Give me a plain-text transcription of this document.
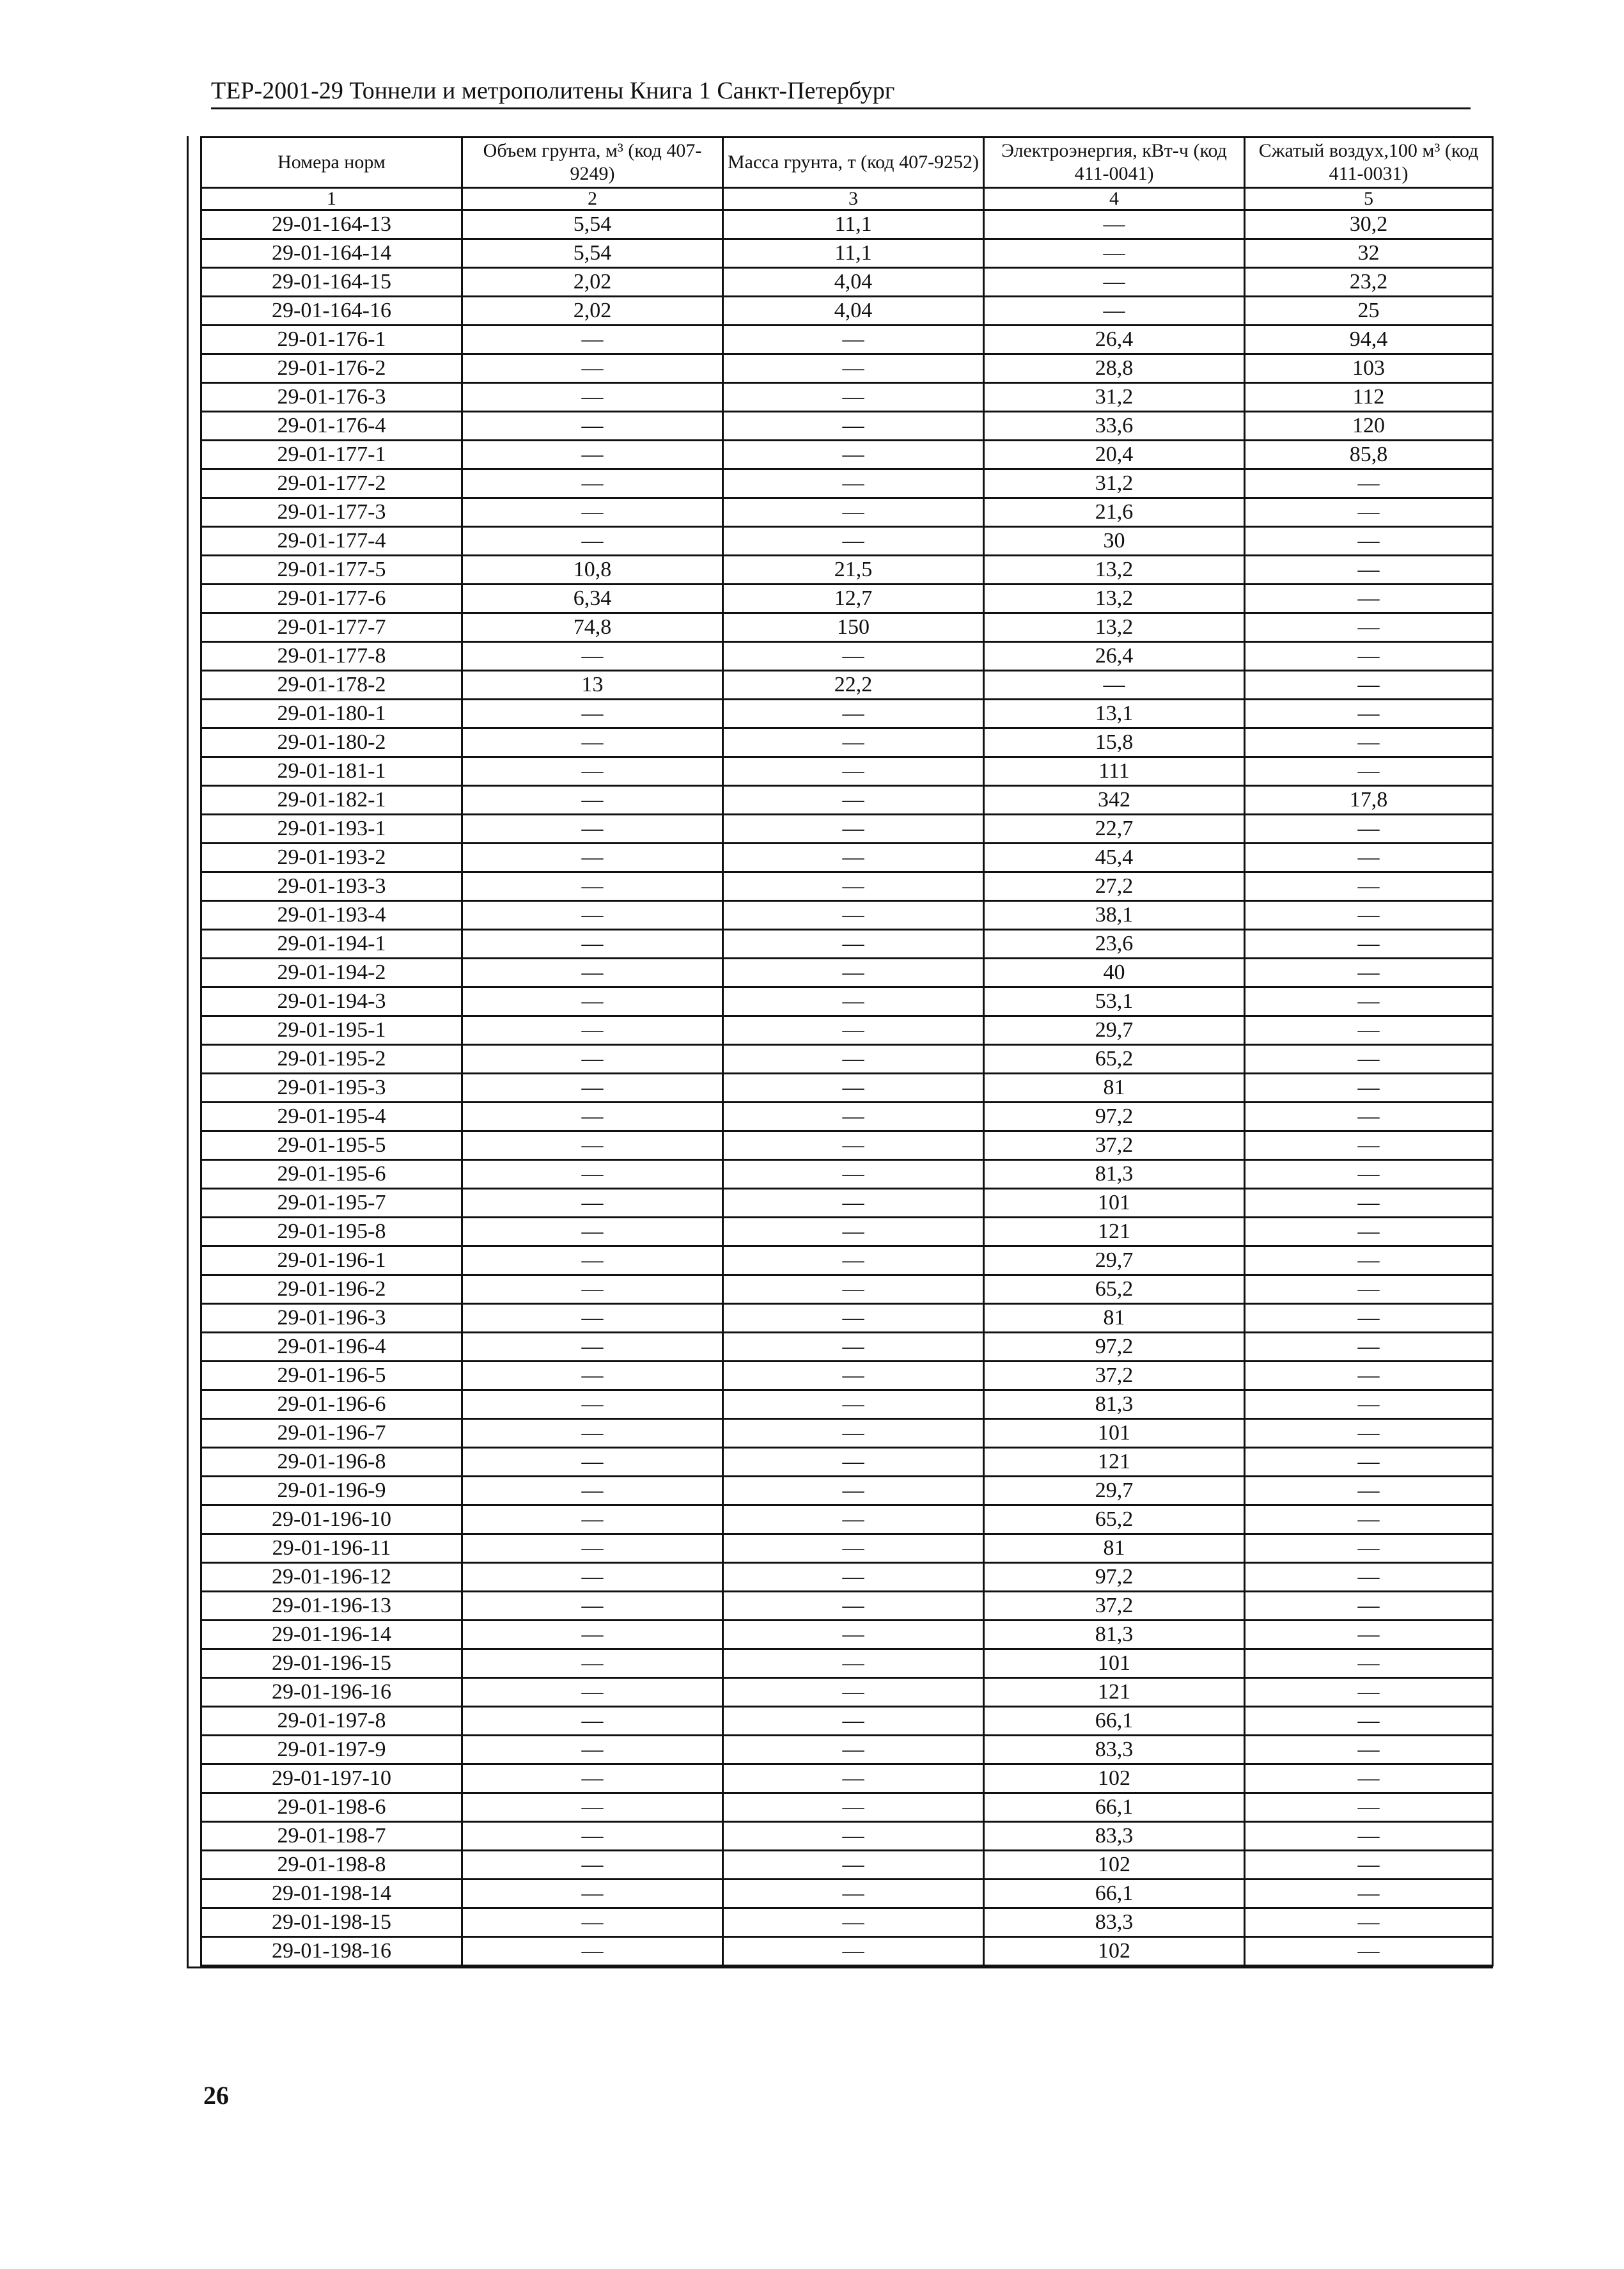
ТЕР-2001-29 Тоннели и метрополитены Книга 1 Санкт-Петербург
Номера норм	Объем грунта, м³ (код 407-9249)	Масса грунта, т (код 407-9252)	Электроэнергия, кВт-ч (код 411-0041)	Сжатый воздух,100 м³ (код 411-0031)
1	2	3	4	5
29-01-164-13	5,54	11,1	—	30,2
29-01-164-14	5,54	11,1	—	32
29-01-164-15	2,02	4,04	—	23,2
29-01-164-16	2,02	4,04	—	25
29-01-176-1	—	—	26,4	94,4
29-01-176-2	—	—	28,8	103
29-01-176-3	—	—	31,2	112
29-01-176-4	—	—	33,6	120
29-01-177-1	—	—	20,4	85,8
29-01-177-2	—	—	31,2	—
29-01-177-3	—	—	21,6	—
29-01-177-4	—	—	30	—
29-01-177-5	10,8	21,5	13,2	—
29-01-177-6	6,34	12,7	13,2	—
29-01-177-7	74,8	150	13,2	—
29-01-177-8	—	—	26,4	—
29-01-178-2	13	22,2	—	—
29-01-180-1	—	—	13,1	—
29-01-180-2	—	—	15,8	—
29-01-181-1	—	—	111	—
29-01-182-1	—	—	342	17,8
29-01-193-1	—	—	22,7	—
29-01-193-2	—	—	45,4	—
29-01-193-3	—	—	27,2	—
29-01-193-4	—	—	38,1	—
29-01-194-1	—	—	23,6	—
29-01-194-2	—	—	40	—
29-01-194-3	—	—	53,1	—
29-01-195-1	—	—	29,7	—
29-01-195-2	—	—	65,2	—
29-01-195-3	—	—	81	—
29-01-195-4	—	—	97,2	—
29-01-195-5	—	—	37,2	—
29-01-195-6	—	—	81,3	—
29-01-195-7	—	—	101	—
29-01-195-8	—	—	121	—
29-01-196-1	—	—	29,7	—
29-01-196-2	—	—	65,2	—
29-01-196-3	—	—	81	—
29-01-196-4	—	—	97,2	—
29-01-196-5	—	—	37,2	—
29-01-196-6	—	—	81,3	—
29-01-196-7	—	—	101	—
29-01-196-8	—	—	121	—
29-01-196-9	—	—	29,7	—
29-01-196-10	—	—	65,2	—
29-01-196-11	—	—	81	—
29-01-196-12	—	—	97,2	—
29-01-196-13	—	—	37,2	—
29-01-196-14	—	—	81,3	—
29-01-196-15	—	—	101	—
29-01-196-16	—	—	121	—
29-01-197-8	—	—	66,1	—
29-01-197-9	—	—	83,3	—
29-01-197-10	—	—	102	—
29-01-198-6	—	—	66,1	—
29-01-198-7	—	—	83,3	—
29-01-198-8	—	—	102	—
29-01-198-14	—	—	66,1	—
29-01-198-15	—	—	83,3	—
29-01-198-16	—	—	102	—
26
